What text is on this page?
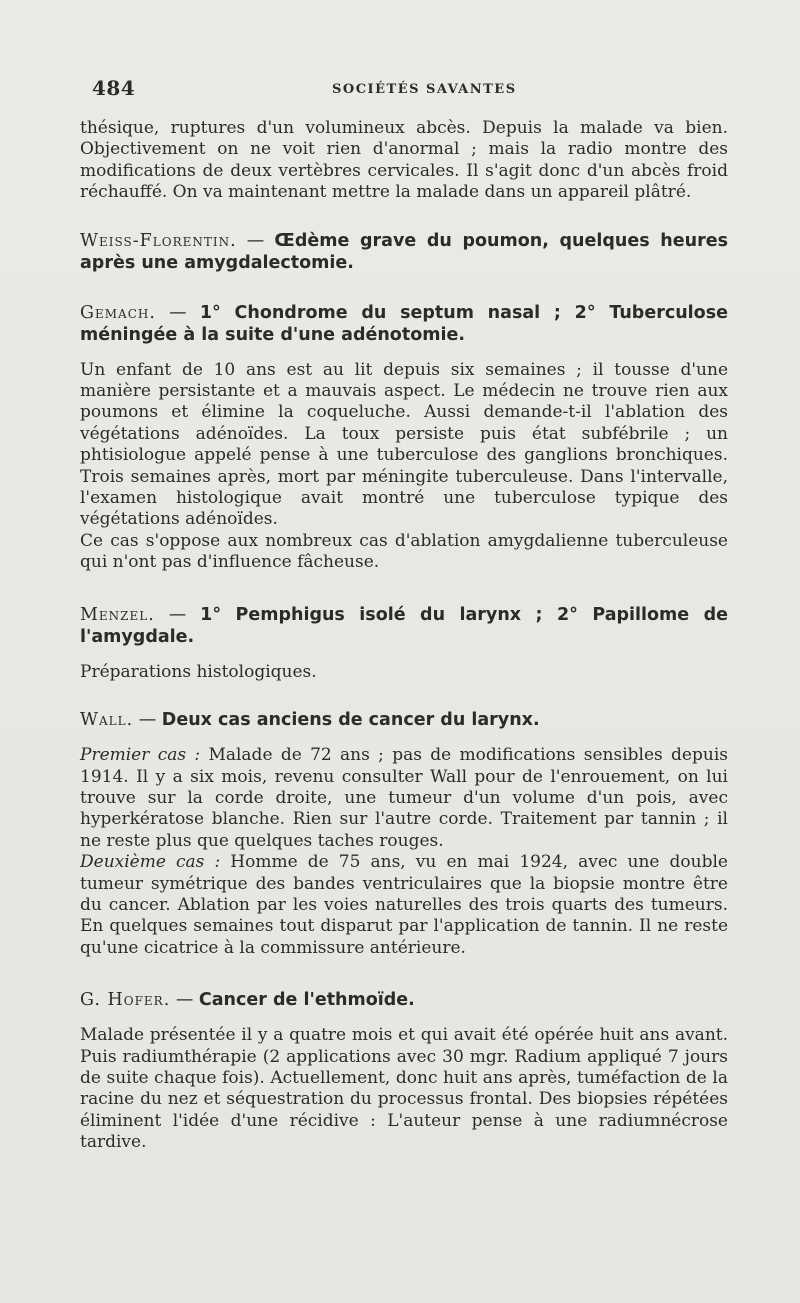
484	SOCIÉTÉS SAVANTES

thésique, ruptures d'un volumineux abcès. Depuis la malade va bien. Objectivement on ne voit rien d'anormal ; mais la radio montre des modifications de deux vertèbres cervicales. Il s'agit donc d'un abcès froid réchauffé. On va maintenant mettre la malade dans un appareil plâtré.

Weiss-Florentin. — Œdème grave du poumon, quelques heures après une amygdalectomie.
Gemach. — 1° Chondrome du septum nasal ; 2° Tuberculose méningée à la suite d'une adénotomie.

Un enfant de 10 ans est au lit depuis six semaines ; il tousse d'une manière persistante et a mauvais aspect. Le médecin ne trouve rien aux poumons et élimine la coqueluche. Aussi demande-t-il l'ablation des végétations adénoïdes. La toux persiste puis état subfébrile ; un phtisiologue appelé pense à une tuberculose des ganglions bronchiques. Trois semaines après, mort par méningite tuberculeuse. Dans l'intervalle, l'examen histologique avait montré une tuberculose typique des végétations adénoïdes.

Ce cas s'oppose aux nombreux cas d'ablation amygdalienne tuberculeuse qui n'ont pas d'influence fâcheuse.

Menzel. — 1° Pemphigus isolé du larynx ; 2° Papillome de l'amygdale.

Préparations histologiques.

Wall. — Deux cas anciens de cancer du larynx.

Premier cas : Malade de 72 ans ; pas de modifications sensibles depuis 1914. Il y a six mois, revenu consulter Wall pour de l'enrouement, on lui trouve sur la corde droite, une tumeur d'un volume d'un pois, avec hyperkératose blanche. Rien sur l'autre corde. Traitement par tannin ; il ne reste plus que quelques taches rouges.

Deuxième cas : Homme de 75 ans, vu en mai 1924, avec une double tumeur symétrique des bandes ventriculaires que la biopsie montre être du cancer. Ablation par les voies naturelles des trois quarts des tumeurs. En quelques semaines tout disparut par l'application de tannin. Il ne reste qu'une cicatrice à la commissure antérieure.

G. Hofer. — Cancer de l'ethmoïde.

Malade présentée il y a quatre mois et qui avait été opérée huit ans avant. Puis radiumthérapie (2 applications avec 30 mgr. Radium appliqué 7 jours de suite chaque fois). Actuellement, donc huit ans après, tuméfaction de la racine du nez et séquestration du processus frontal. Des biopsies répétées éliminent l'idée d'une récidive : L'auteur pense à une radiumnécrose tardive.
